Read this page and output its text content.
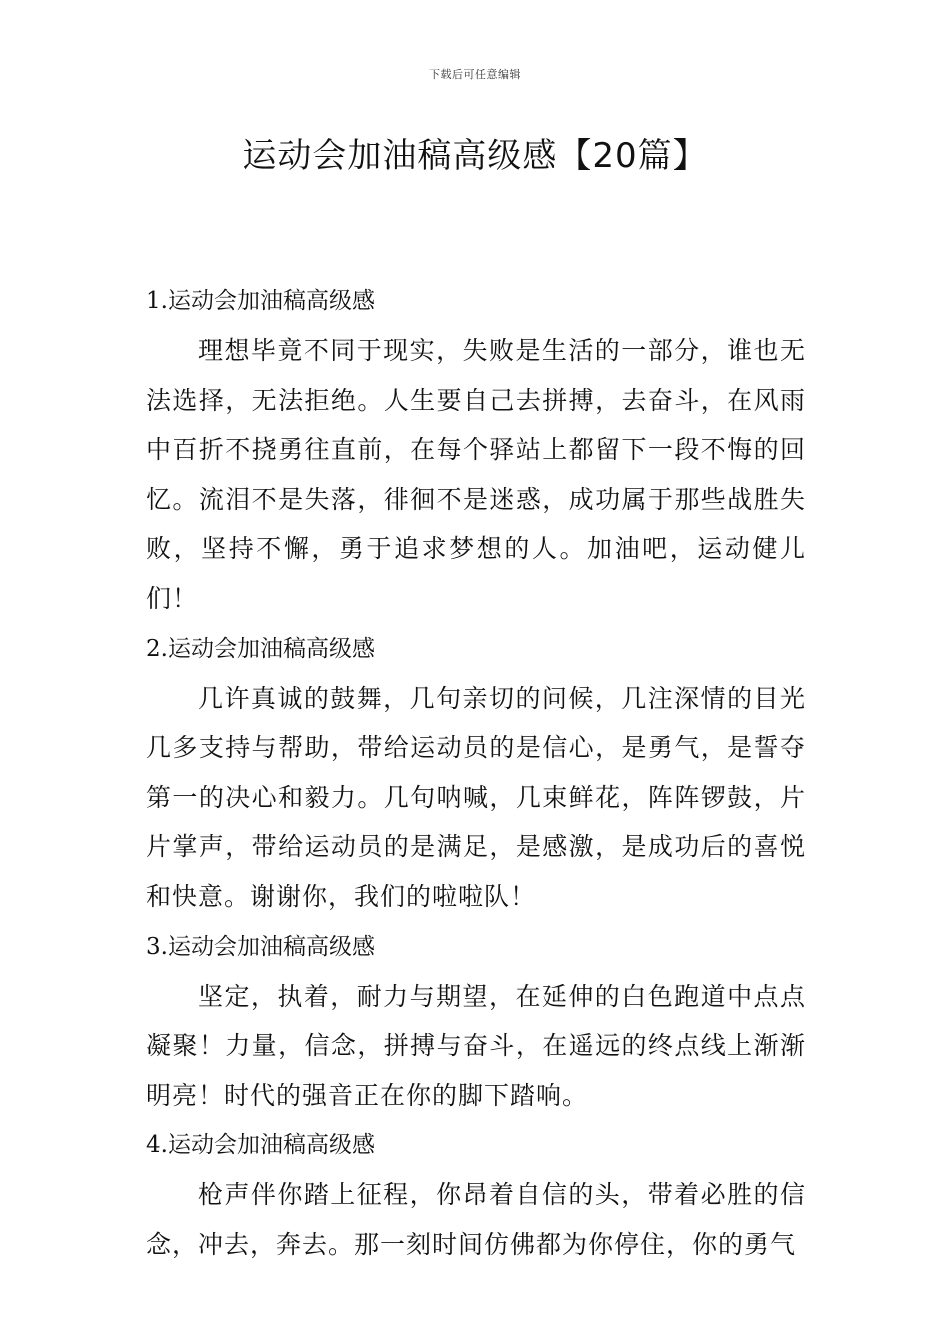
下载后可任意编辑
运动会加油稿高级感【20篇】
1.运动会加油稿高级感

理想毕竟不同于现实，失败是生活的一部分，谁也无法选择，无法拒绝。人生要自己去拼搏，去奋斗，在风雨中百折不挠勇往直前，在每个驿站上都留下一段不悔的回忆。流泪不是失落，徘徊不是迷惑，成功属于那些战胜失败，坚持不懈，勇于追求梦想的人。加油吧，运动健儿们！

2.运动会加油稿高级感

几许真诚的鼓舞，几句亲切的问候，几注深情的目光几多支持与帮助，带给运动员的是信心，是勇气，是誓夺第一的决心和毅力。几句呐喊，几束鲜花，阵阵锣鼓，片片掌声，带给运动员的是满足，是感激，是成功后的喜悦和快意。谢谢你，我们的啦啦队！

3.运动会加油稿高级感

坚定，执着，耐力与期望，在延伸的白色跑道中点点凝聚！力量，信念，拼搏与奋斗，在遥远的终点线上渐渐明亮！时代的强音正在你的脚下踏响。

4.运动会加油稿高级感

枪声伴你踏上征程，你昂着自信的头，带着必胜的信念，冲去，奔去。那一刻时间仿佛都为你停住，你的勇气
